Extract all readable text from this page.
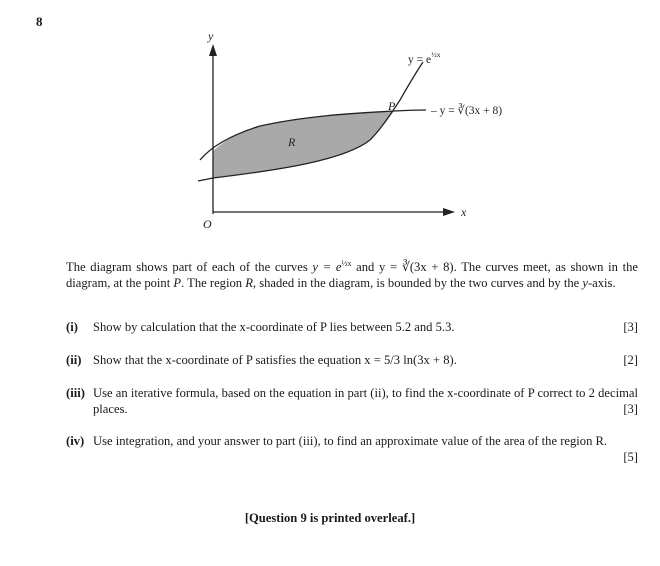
8
y
x
O
P
R
$y = e^{\frac{1}{2}x}$
– y = ∛(3x + 8)
The diagram shows part of each of the curves $y = e^{\frac{1}{2}x}$ and y = ∛(3x + 8). The curves meet, as shown in the diagram, at the point P. The region R, shaded in the diagram, is bounded by the two curves and by the y-axis.
(i) Show by calculation that the x-coordinate of P lies between 5.2 and 5.3.	[3]
(ii) Show that the x-coordinate of P satisfies the equation x = 5/3 ln(3x + 8).	[2]
(iii) Use an iterative formula, based on the equation in part (ii), to find the x-coordinate of P correct to 2 decimal places.	[3]
(iv) Use integration, and your answer to part (iii), to find an approximate value of the area of the region R.
[5]
[Question 9 is printed overleaf.]
